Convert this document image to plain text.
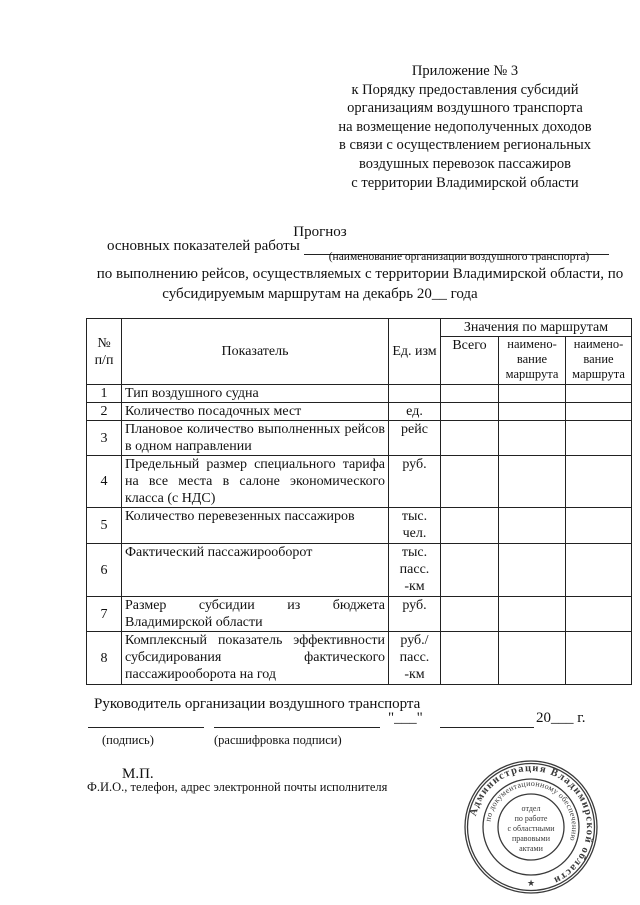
Приложение № 3
к Порядку предоставления субсидий
организациям воздушного транспорта
на возмещение недополученных доходов
в связи с осуществлением региональных
воздушных перевозок пассажиров
с территории Владимирской области
Прогноз
основных показателей работы
(наименование организации воздушного транспорта)
по выполнению рейсов, осуществляемых с территории Владимирской области, по
субсидируемым маршрутам на декабрь 20__ года
№ п/п	Показатель	Ед. изм	Значения по маршрутам		
			Всего	наимено-вание маршрута	наимено-вание маршрута
1	Тип воздушного судна				
2	Количество посадочных мест	ед.			
3	Плановое количество выполненных рейсов в одном направлении	рейс			
4	Предельный размер специального тарифа на все места в салоне экономического класса (с НДС)	руб.			
5	Количество перевезенных пассажиров	тыс. чел.			
6	Фактический пассажирооборот	тыс. пасс. -км			
7	Размер субсидии из бюджета Владимирской области	руб.			
8	Комплексный показатель эффективности субсидирования фактического пассажирооборота на год	руб./ пасс. -км			
Руководитель организации воздушного транспорта
"___"	20___ г.
(подпись)	(расшифровка подписи)
М.П.
Ф.И.О., телефон, адрес электронной почты исполнителя
Администрация Владимирской области
по документационному обеспечению
отдел
по работе
с областными
правовыми
актами
★
